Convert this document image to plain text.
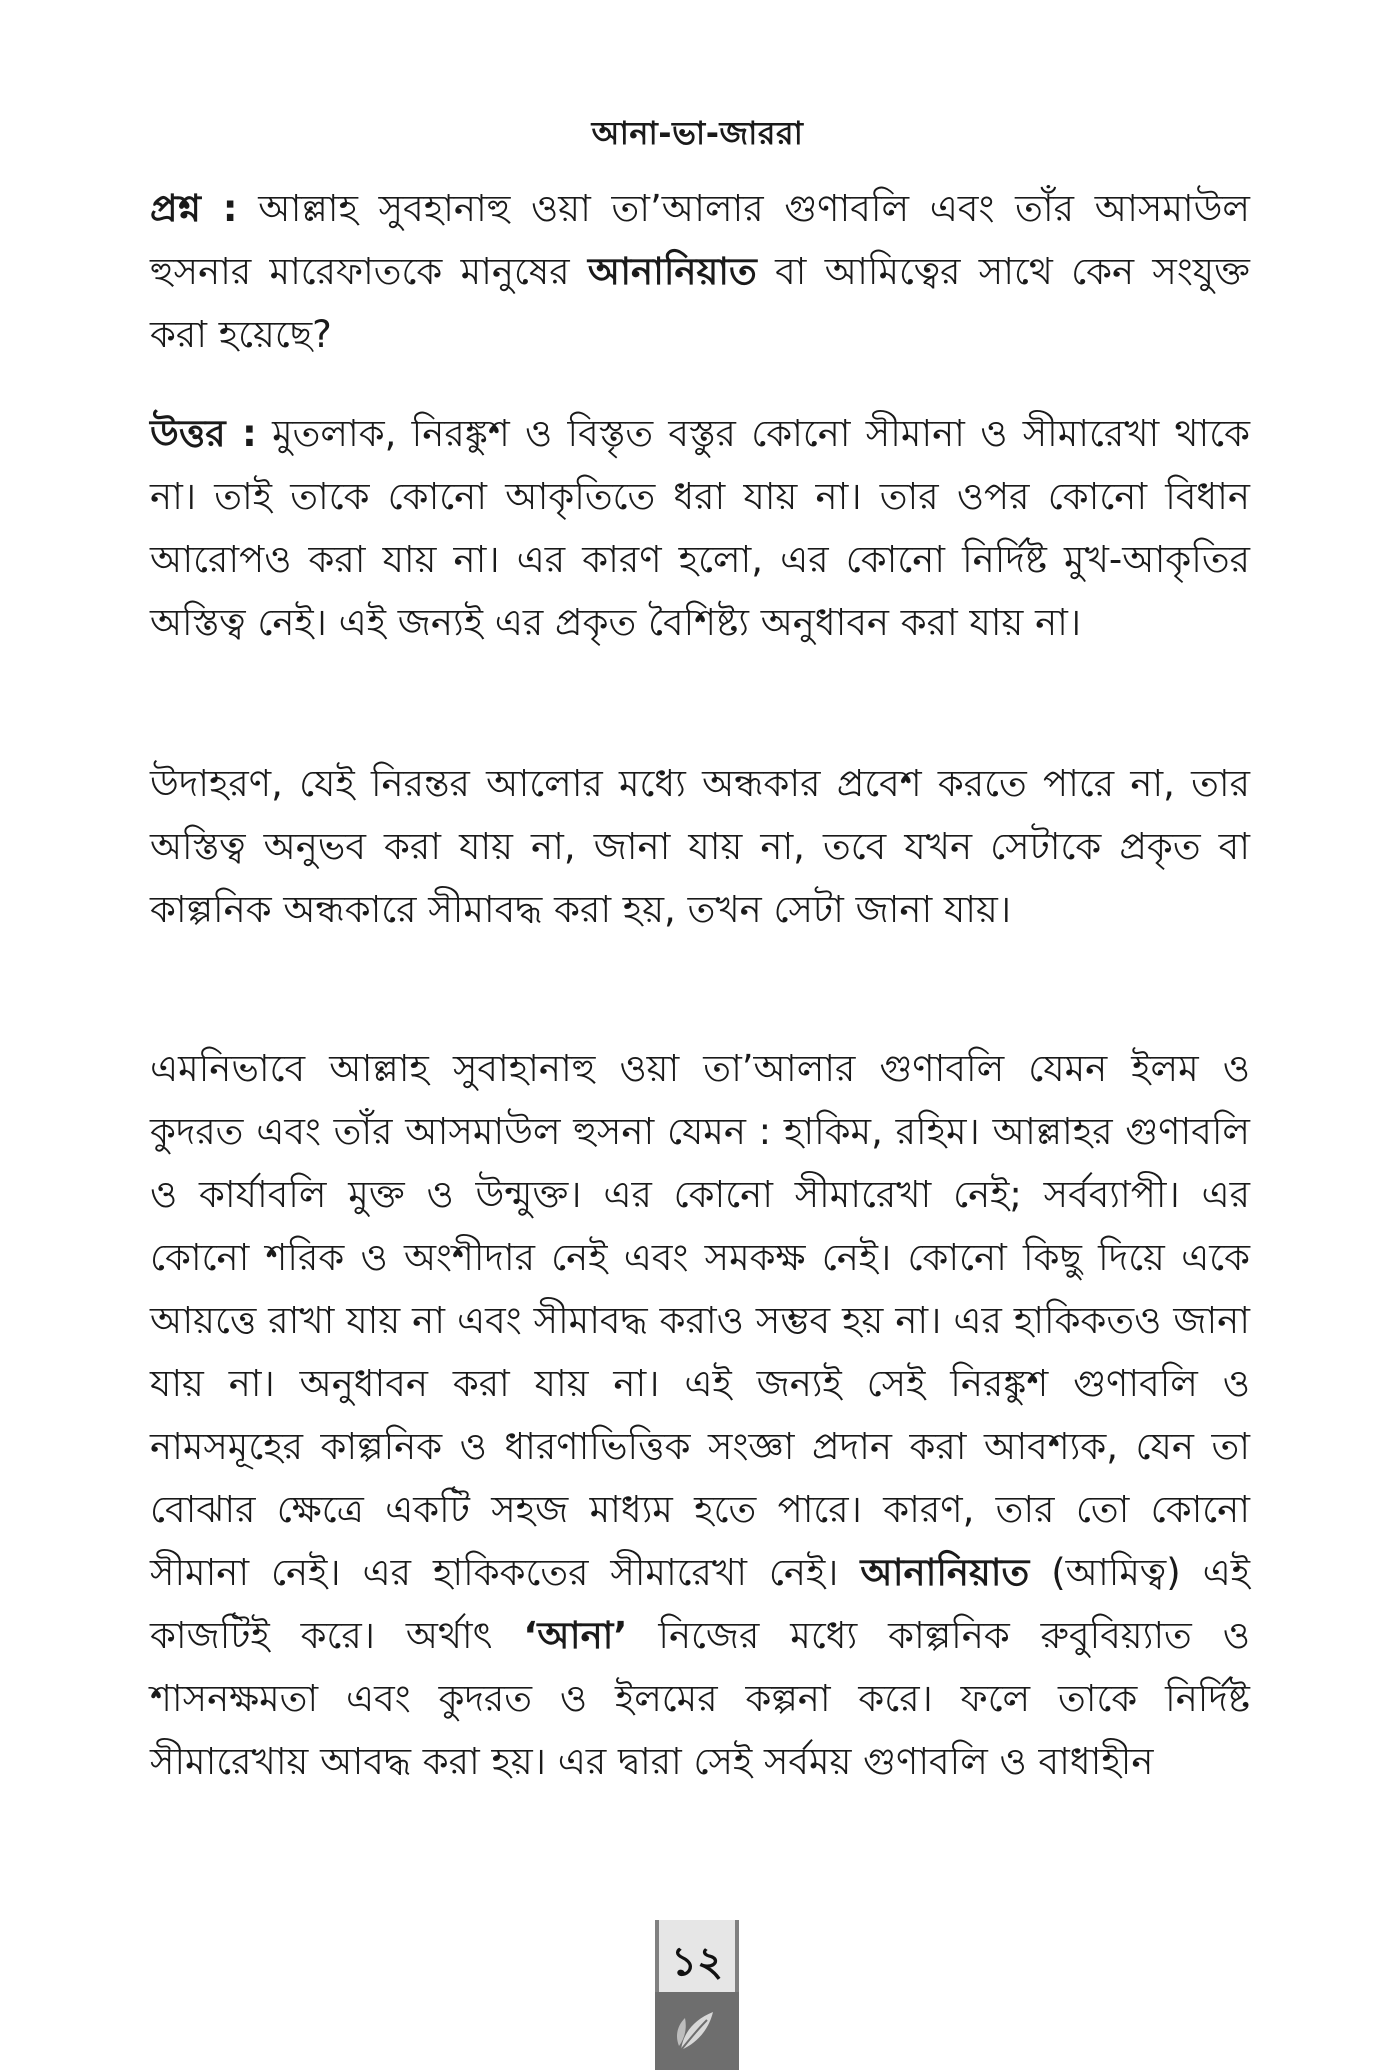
আনা-ভা-জাররা

প্রশ্ন : আল্লাহ সুবহানাহু ওয়া তা’আলার গুণাবলি এবং তাঁর আসমাউল হুসনার মারেফাতকে মানুষের আনানিয়াত বা আমিত্বের সাথে কেন সংযুক্ত করা হয়েছে?

উত্তর : মুতলাক, নিরঙ্কুশ ও বিস্তৃত বস্তুর কোনো সীমানা ও সীমারেখা থাকে না। তাই তাকে কোনো আকৃতিতে ধরা যায় না। তার ওপর কোনো বিধান আরোপও করা যায় না। এর কারণ হলো, এর কোনো নির্দিষ্ট মুখ-আকৃতির অস্তিত্ব নেই। এই জন্যই এর প্রকৃত বৈশিষ্ট্য অনুধাবন করা যায় না।

উদাহরণ, যেই নিরন্তর আলোর মধ্যে অন্ধকার প্রবেশ করতে পারে না, তার অস্তিত্ব অনুভব করা যায় না, জানা যায় না, তবে যখন সেটাকে প্রকৃত বা কাল্পনিক অন্ধকারে সীমাবদ্ধ করা হয়, তখন সেটা জানা যায়।

এমনিভাবে আল্লাহ সুবাহানাহু ওয়া তা’আলার গুণাবলি যেমন ইলম ও কুদরত এবং তাঁর আসমাউল হুসনা যেমন : হাকিম, রহিম। আল্লাহর গুণাবলি ও কার্যাবলি মুক্ত ও উন্মুক্ত। এর কোনো সীমারেখা নেই; সর্বব্যাপী। এর কোনো শরিক ও অংশীদার নেই এবং সমকক্ষ নেই। কোনো কিছু দিয়ে একে আয়ত্তে রাখা যায় না এবং সীমাবদ্ধ করাও সম্ভব হয় না। এর হাকিকতও জানা যায় না। অনুধাবন করা যায় না। এই জন্যই সেই নিরঙ্কুশ গুণাবলি ও নামসমূহের কাল্পনিক ও ধারণাভিত্তিক সংজ্ঞা প্রদান করা আবশ্যক, যেন তা বোঝার ক্ষেত্রে একটি সহজ মাধ্যম হতে পারে। কারণ, তার তো কোনো সীমানা নেই। এর হাকিকতের সীমারেখা নেই। আনানিয়াত (আমিত্ব) এই কাজটিই করে। অর্থাৎ ‘আনা’ নিজের মধ্যে কাল্পনিক রুবুবিয়্যাত ও শাসনক্ষমতা এবং কুদরত ও ইলমের কল্পনা করে। ফলে তাকে নির্দিষ্ট সীমারেখায় আবদ্ধ করা হয়। এর দ্বারা সেই সর্বময় গুণাবলি ও বাধাহীন

১২
